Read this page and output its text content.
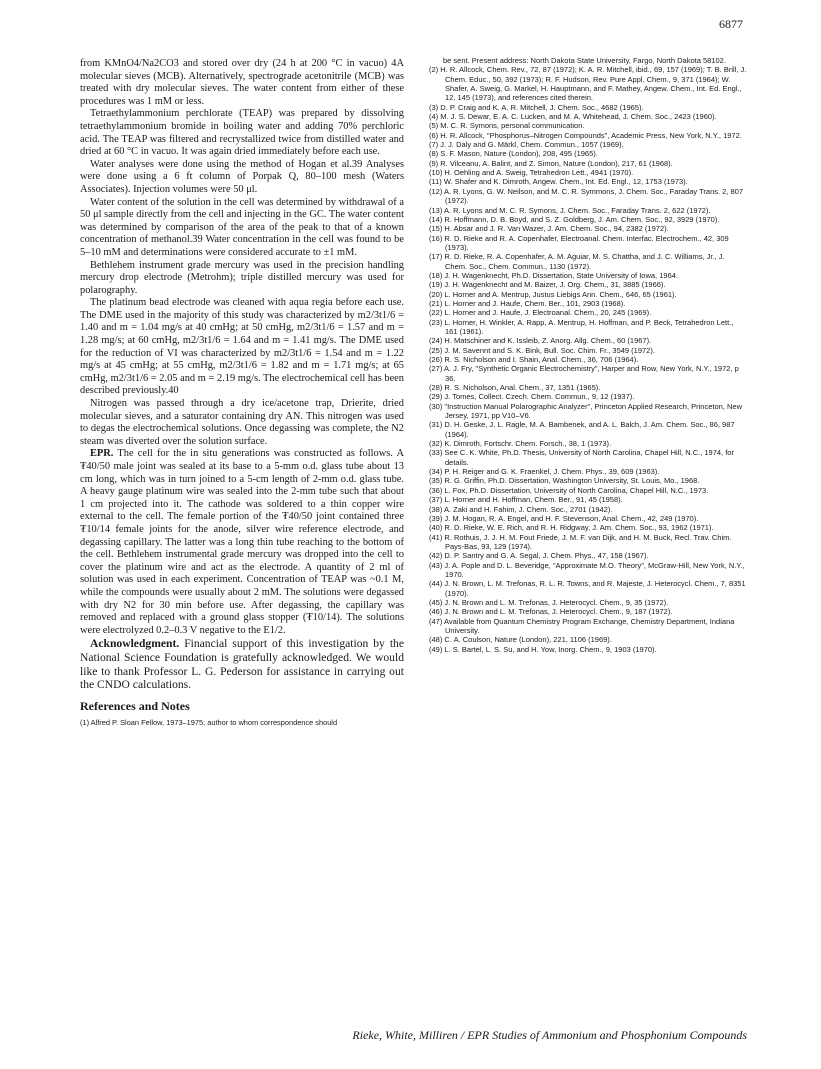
6877

from KMnO4/Na2CO3 and stored over dry (24 h at 200 °C in vacuo) 4A molecular sieves (MCB). Alternatively, spectrograde acetonitrile (MCB) was treated with dry molecular sieves. The water content from either of these procedures was 1 mM or less.

Tetraethylammonium perchlorate (TEAP) was prepared by dissolving tetraethylammonium bromide in boiling water and adding 70% perchloric acid. The TEAP was filtered and recrystallized twice from distilled water and dried at 60 °C in vacuo. It was again dried immediately before each use.

Water analyses were done using the method of Hogan et al.39 Analyses were done using a 6 ft column of Porpak Q, 80–100 mesh (Waters Associates). Injection volumes were 50 μl.

Water content of the solution in the cell was determined by withdrawal of a 50 μl sample directly from the cell and injecting in the GC. The water content was determined by comparison of the area of the peak to that of a known concentration of methanol.39 Water concentration in the cell was found to be 5–10 mM and determinations were considered accurate to ±1 mM.

Bethlehem instrument grade mercury was used in the precision handling mercury drop electrode (Metrohm); triple distilled mercury was used for polarography.

The platinum bead electrode was cleaned with aqua regia before each use. The DME used in the majority of this study was characterized by m2/3t1/6 = 1.40 and m = 1.04 mg/s at 40 cmHg; at 50 cmHg, m2/3t1/6 = 1.57 and m = 1.28 mg/s; at 60 cmHg, m2/3t1/6 = 1.64 and m = 1.41 mg/s. The DME used for the reduction of VI was characterized by m2/3t1/6 = 1.54 and m = 1.22 mg/s at 45 cmHg; at 55 cmHg, m2/3t1/6 = 1.82 and m = 1.71 mg/s; at 65 cmHg, m2/3t1/6 = 2.05 and m = 2.19 mg/s. The electrochemical cell has been described previously.40

Nitrogen was passed through a dry ice/acetone trap, Drierite, dried molecular sieves, and a saturator containing dry AN. This nitrogen was used to degas the electrochemical solutions. Once degassing was complete, the N2 steam was diverted over the solution surface.

EPR. The cell for the in situ generations was constructed as follows. A ₮40/50 male joint was sealed at its base to a 5-mm o.d. glass tube about 13 cm long, which was in turn joined to a 5-cm length of 2-mm o.d. glass tube. A heavy gauge platinum wire was sealed into the 2-mm tube such that about 1 cm projected into it. The cathode was soldered to a thin copper wire external to the cell. The female portion of the ₮40/50 joint contained three ₮10/14 female joints for the anode, silver wire reference electrode, and degassing capillary. The latter was a long thin tube reaching to the bottom of the cell. Bethlehem instrumental grade mercury was dropped into the cell to cover the platinum wire and act as the electrode. A quantity of 2 ml of solution was used in each experiment. Concentration of TEAP was ~0.1 M, while the compounds were usually about 2 mM. The solutions were degassed with dry N2 for 30 min before use. After degassing, the capillary was removed and replaced with a ground glass stopper (₮10/14). The solutions were electrolyzed 0.2–0.3 V negative to the E1/2.

Acknowledgment. Financial support of this investigation by the National Science Foundation is gratefully acknowledged. We would like to thank Professor L. G. Pederson for assistance in carrying out the CNDO calculations.

References and Notes
(1) Alfred P. Sloan Fellow, 1973–1975; author to whom correspondence should
be sent. Present address: North Dakota State University, Fargo, North Dakota 58102.
(2) H. R. Allcock, Chem. Rev., 72, 87 (1972); K. A. R. Mitchell, ibid., 69, 157 (1969); T. B. Brill, J. Chem. Educ., 50, 392 (1973); R. F. Hudson, Rev. Pure Appl. Chem., 9, 371 (1964); W. Shafer, A. Sweig, G. Markel, H. Hauptmann, and F. Mathey, Angew. Chem., Int. Ed. Engl., 12, 145 (1973), and references cited therein.
(3) D. P. Craig and K. A. R. Mitchell, J. Chem. Soc., 4682 (1965).
(4) M. J. S. Dewar, E. A. C. Lucken, and M. A. Whitehead, J. Chem. Soc., 2423 (1960).
(5) M. C. R. Symons, personal communication.
(6) H. R. Allcock, "Phosphorus–Nitrogen Compounds", Academic Press, New York, N.Y., 1972.
(7) J. J. Daly and G. Märkl, Chem. Commun., 1057 (1969).
(8) S. F. Mason, Nature (London), 208, 495 (1965).
(9) R. Vilceanu, A. Balint, and Z. Simon, Nature (London), 217, 61 (1968).
(10) H. Oehling and A. Sweig, Tetrahedron Lett., 4941 (1970).
(11) W. Shafer and K. Dimroth, Angew. Chem., Int. Ed. Engl., 12, 1753 (1973).
(12) A. R. Lyons, G. W. Neilson, and M. C. R. Symmons, J. Chem. Soc., Faraday Trans. 2, 807 (1972).
(13) A. R. Lyons and M. C. R. Symons, J. Chem. Soc., Faraday Trans. 2, 622 (1972).
(14) R. Hoffmann, D. B. Boyd, and S. Z. Goldberg, J. Am. Chem. Soc., 92, 3929 (1970).
(15) H. Absar and J. R. Van Wazer, J. Am. Chem. Soc., 94, 2382 (1972).
(16) R. D. Rieke and R. A. Copenhafer, Electroanal. Chem. Interfac. Electrochem., 42, 309 (1973).
(17) R. D. Rieke, R. A. Copenhafer, A. M. Aguiar, M. S. Chattha, and J. C. Williams, Jr., J. Chem. Soc., Chem. Commun., 1130 (1972).
(18) J. H. Wagenknecht, Ph.D. Dissertation, State University of Iowa, 1964.
(19) J. H. Wagenknecht and M. Baizer, J. Org. Chem., 31, 3885 (1966).
(20) L. Horner and A. Mentrup, Justus Liebigs Ann. Chem., 646, 65 (1961).
(21) L. Horner and J. Haufe, Chem. Ber., 101, 2903 (1968).
(22) L. Horner and J. Haufe, J. Electroanal. Chem., 20, 245 (1969).
(23) L. Horner, H. Winkler, A. Rapp, A. Mentrup, H. Hoffman, and P. Beck, Tetrahedron Lett., 161 (1961).
(24) H. Matschiner and K. Issleib, Z. Anorg. Allg. Chem., 60 (1967).
(25) J. M. Savennt and S. K. Bink, Bull. Soc. Chim. Fr., 3549 (1972).
(26) R. S. Nicholson and I. Shain, Anal. Chem., 36, 706 (1964).
(27) A. J. Fry, "Synthetic Organic Electrochemistry", Harper and Row, New York, N.Y., 1972, p 36.
(28) R. S. Nicholson, Anal. Chem., 37, 1351 (1965).
(29) J. Tomes, Collect. Czech. Chem. Commun., 9, 12 (1937).
(30) "Instruction Manual Polarographic Analyzer", Princeton Applied Research, Princeton, New Jersey, 1971, pp V10–V6.
(31) D. H. Geske, J. L. Ragle, M. A. Bambenek, and A. L. Balch, J. Am. Chem. Soc., 86, 987 (1964).
(32) K. Dimroth, Fortschr. Chem. Forsch., 38, 1 (1973).
(33) See C. K. White, Ph.D. Thesis, University of North Carolina, Chapel Hill, N.C., 1974, for details.
(34) P. H. Reiger and G. K. Fraenkel, J. Chem. Phys., 39, 609 (1963).
(35) R. G. Griffin, Ph.D. Dissertation, Washington University, St. Louis, Mo., 1968.
(36) L. Fox, Ph.D. Dissertation, University of North Carolina, Chapel Hill, N.C., 1973.
(37) L. Horner and H. Hoffman, Chem. Ber., 91, 45 (1958).
(38) A. Zaki and H. Fahim, J. Chem. Soc., 2701 (1942).
(39) J. M. Hogan, R. A. Engel, and H. F. Stevenson, Anal. Chem., 42, 249 (1970).
(40) R. D. Rieke, W. E. Rich, and R. H. Ridgway, J. Am. Chem. Soc., 93, 1962 (1971).
(41) R. Rothuis, J. J. H. M. Fout Friede, J. M. F. van Dijk, and H. M. Buck, Recl. Trav. Chim. Pays-Bas, 93, 129 (1974).
(42) D. P. Santry and G. A. Segal, J. Chem. Phys., 47, 158 (1967).
(43) J. A. Pople and D. L. Beveridge, "Approximate M.O. Theory", McGraw-Hill, New York, N.Y., 1970.
(44) J. N. Brown, L. M. Trefonas, R. L. R. Towns, and R. Majeste, J. Heterocycl. Chem., 7, 8351 (1970).
(45) J. N. Brown and L. M. Trefonas, J. Heterocycl. Chem., 9, 35 (1972).
(46) J. N. Brown and L. M. Trefonas, J. Heterocycl. Chem., 9, 187 (1972).
(47) Available from Quantum Chemistry Program Exchange, Chemistry Department, Indiana University.
(48) C. A. Coulson, Nature (London), 221, 1106 (1969).
(49) L. S. Bartel, L. S. Su, and H. Yow, Inorg. Chem., 9, 1903 (1970).
Rieke, White, Milliren / EPR Studies of Ammonium and Phosphonium Compounds
